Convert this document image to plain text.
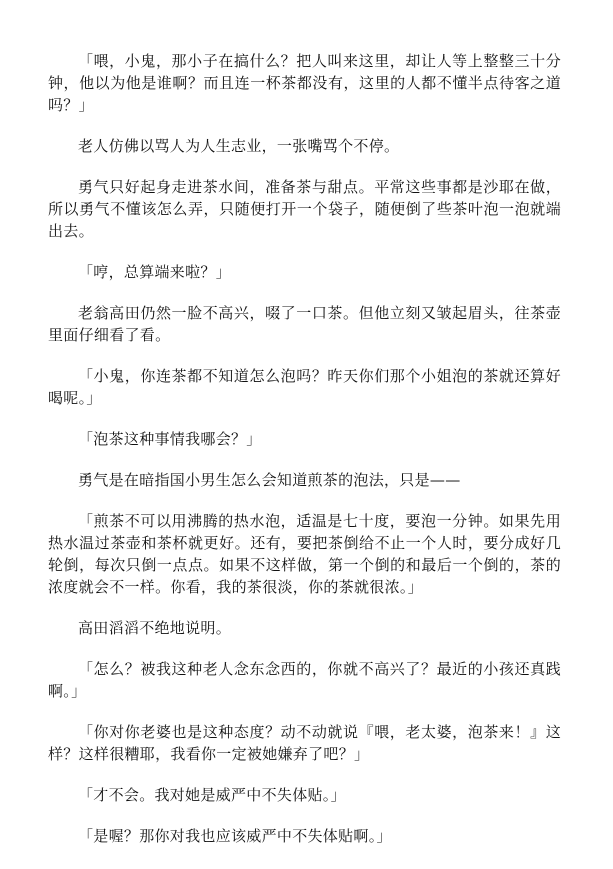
「喂，小鬼，那小子在搞什么？把人叫来这里，却让人等上整整三十分钟，他以为他是谁啊？而且连一杯茶都没有，这里的人都不懂半点待客之道吗？」

老人仿佛以骂人为人生志业，一张嘴骂个不停。

勇气只好起身走进茶水间，准备茶与甜点。平常这些事都是沙耶在做，所以勇气不懂该怎么弄，只随便打开一个袋子，随便倒了些茶叶泡一泡就端出去。

「哼，总算端来啦？」

老翁高田仍然一脸不高兴，啜了一口茶。但他立刻又皱起眉头，往茶壶里面仔细看了看。

「小鬼，你连茶都不知道怎么泡吗？昨天你们那个小姐泡的茶就还算好喝呢。」

「泡茶这种事情我哪会？」

勇气是在暗指国小男生怎么会知道煎茶的泡法，只是——

「煎茶不可以用沸腾的热水泡，适温是七十度，要泡一分钟。如果先用热水温过茶壶和茶杯就更好。还有，要把茶倒给不止一个人时，要分成好几轮倒，每次只倒一点点。如果不这样做，第一个倒的和最后一个倒的，茶的浓度就会不一样。你看，我的茶很淡，你的茶就很浓。」

高田滔滔不绝地说明。

「怎么？被我这种老人念东念西的，你就不高兴了？最近的小孩还真践啊。」

「你对你老婆也是这种态度？动不动就说『喂，老太婆，泡茶来！』这样？这样很糟耶，我看你一定被她嫌弃了吧？」

「才不会。我对她是威严中不失体贴。」

「是喔？那你对我也应该威严中不失体贴啊。」
